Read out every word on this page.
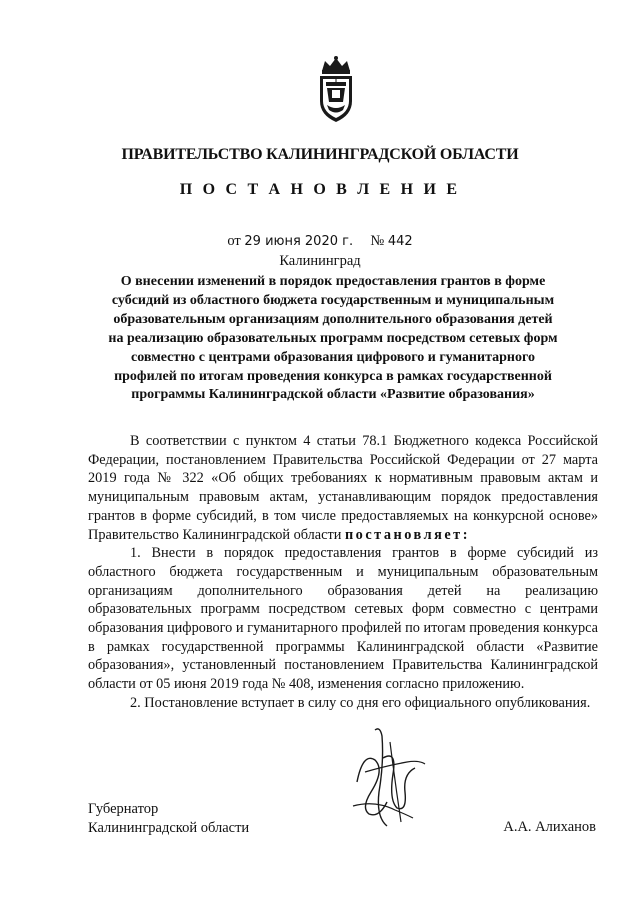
ПРАВИТЕЛЬСТВО КАЛИНИНГРАДСКОЙ ОБЛАСТИ
П О С Т А Н О В Л Е Н И Е
от 29 июня 2020 г. № 442
Калининград
О внесении изменений в порядок предоставления грантов в форме
субсидий из областного бюджета государственным и муниципальным
образовательным организациям дополнительного образования детей
на реализацию образовательных программ посредством сетевых форм
совместно с центрами образования цифрового и гуманитарного
профилей по итогам проведения конкурса в рамках государственной
программы Калининградской области «Развитие образования»
В соответствии с пунктом 4 статьи 78.1 Бюджетного кодекса Российской Федерации, постановлением Правительства Российской Федерации от 27 марта 2019 года № 322 «Об общих требованиях к нормативным правовым актам и муниципальным правовым актам, устанавливающим порядок предоставления грантов в форме субсидий, в том числе предоставляемых на конкурсной основе» Правительство Калининградской области постановляет:
1. Внести в порядок предоставления грантов в форме субсидий из областного бюджета государственным и муниципальным образовательным организациям дополнительного образования детей на реализацию образовательных программ посредством сетевых форм совместно с центрами образования цифрового и гуманитарного профилей по итогам проведения конкурса в рамках государственной программы Калининградской области «Развитие образования», установленный постановлением Правительства Калининградской области от 05 июня 2019 года № 408, изменения согласно приложению.
2. Постановление вступает в силу со дня его официального опубликования.
Губернатор
Калининградской области	А.А. Алиханов
